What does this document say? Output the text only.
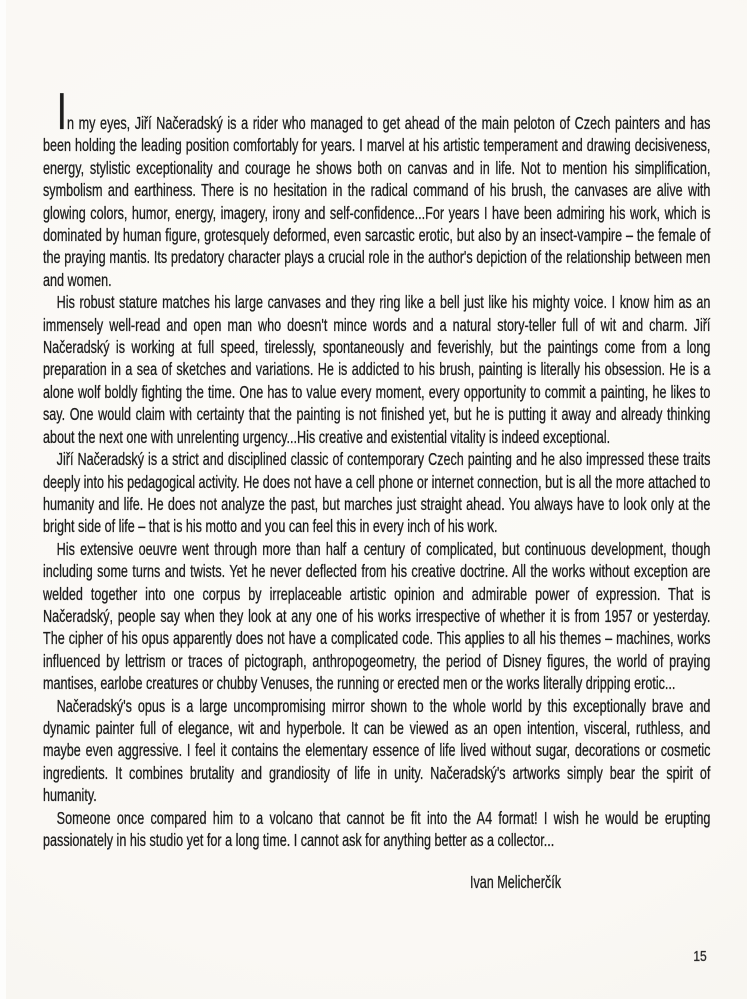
In my eyes, Jiří Načeradský is a rider who managed to get ahead of the main peloton of Czech painters and has been holding the leading position comfortably for years. I marvel at his artistic temperament and drawing decisiveness, energy, stylistic exceptionality and courage he shows both on canvas and in life. Not to mention his simplification, symbolism and earthiness. There is no hesitation in the radical command of his brush, the canvases are alive with glowing colors, humor, energy, imagery, irony and self-confidence...For years I have been admiring his work, which is dominated by human figure, grotesquely deformed, even sarcastic erotic, but also by an insect-vampire – the female of the praying mantis. Its predatory character plays a crucial role in the author's depiction of the relationship between men and women.

His robust stature matches his large canvases and they ring like a bell just like his mighty voice. I know him as an immensely well-read and open man who doesn't mince words and a natural story-teller full of wit and charm. Jiří Načeradský is working at full speed, tirelessly, spontaneously and feverishly, but the paintings come from a long preparation in a sea of sketches and variations. He is addicted to his brush, painting is literally his obsession. He is a alone wolf boldly fighting the time. One has to value every moment, every opportunity to commit a painting, he likes to say. One would claim with certainty that the painting is not finished yet, but he is putting it away and already thinking about the next one with unrelenting urgency...His creative and existential vitality is indeed exceptional.

Jiří Načeradský is a strict and disciplined classic of contemporary Czech painting and he also impressed these traits deeply into his pedagogical activity. He does not have a cell phone or internet connection, but is all the more attached to humanity and life. He does not analyze the past, but marches just straight ahead. You always have to look only at the bright side of life – that is his motto and you can feel this in every inch of his work.

His extensive oeuvre went through more than half a century of complicated, but continuous development, though including some turns and twists. Yet he never deflected from his creative doctrine. All the works without exception are welded together into one corpus by irreplaceable artistic opinion and admirable power of expression. That is Načeradský, people say when they look at any one of his works irrespective of whether it is from 1957 or yesterday. The cipher of his opus apparently does not have a complicated code. This applies to all his themes – machines, works influenced by lettrism or traces of pictograph, anthropogeometry, the period of Disney figures, the world of praying mantises, earlobe creatures or chubby Venuses, the running or erected men or the works literally dripping erotic...

Načeradský's opus is a large uncompromising mirror shown to the whole world by this exceptionally brave and dynamic painter full of elegance, wit and hyperbole. It can be viewed as an open intention, visceral, ruthless, and maybe even aggressive. I feel it contains the elementary essence of life lived without sugar, decorations or cosmetic ingredients. It combines brutality and grandiosity of life in unity. Načeradský's artworks simply bear the spirit of humanity.

Someone once compared him to a volcano that cannot be fit into the A4 format! I wish he would be erupting passionately in his studio yet for a long time. I cannot ask for anything better as a collector...

Ivan Melicherčík
15
